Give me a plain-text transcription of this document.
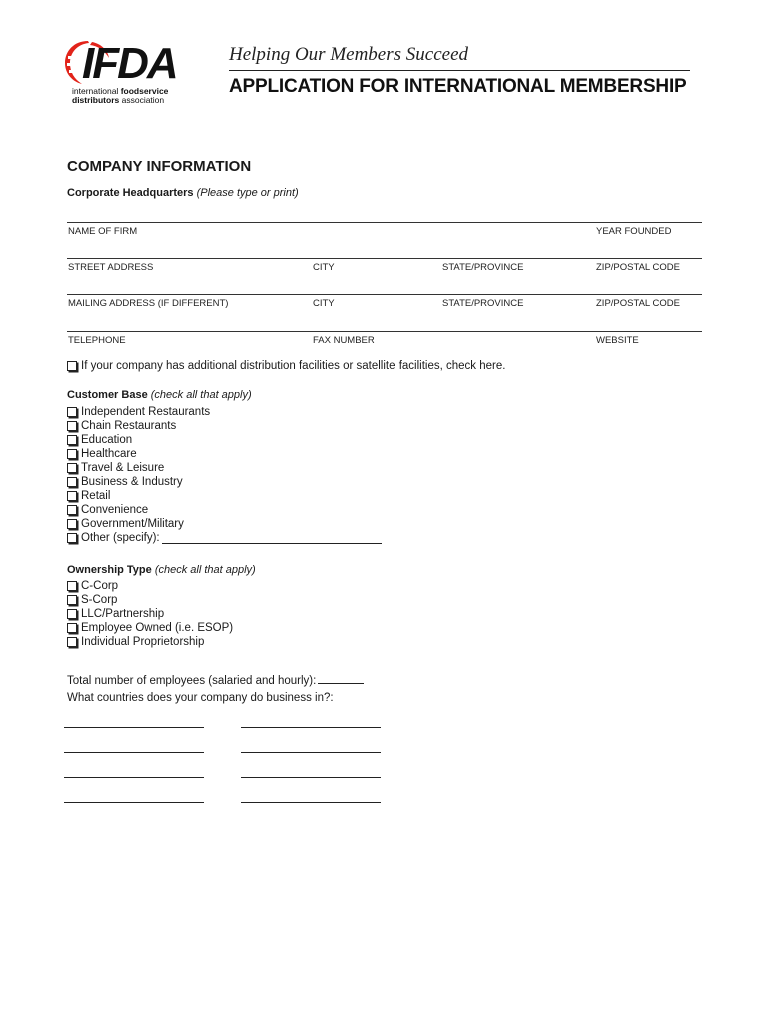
IFDA
international foodservice
distributors association
Helping Our Members Succeed
APPLICATION FOR INTERNATIONAL MEMBERSHIP
COMPANY INFORMATION
Corporate Headquarters (Please type or print)
NAME OF FIRM	YEAR FOUNDED
STREET ADDRESS	CITY	STATE/PROVINCE	ZIP/POSTAL CODE
MAILING ADDRESS (IF DIFFERENT)	CITY	STATE/PROVINCE	ZIP/POSTAL CODE
TELEPHONE	FAX NUMBER	WEBSITE
If your company has additional distribution facilities or satellite facilities, check here.
Customer Base (check all that apply)
Independent Restaurants
Chain Restaurants
Education
Healthcare
Travel & Leisure
Business & Industry
Retail
Convenience
Government/Military
Other (specify):
Ownership Type (check all that apply)
C-Corp
S-Corp
LLC/Partnership
Employee Owned (i.e. ESOP)
Individual Proprietorship
Total number of employees (salaried and hourly):
What countries does your company do business in?:
